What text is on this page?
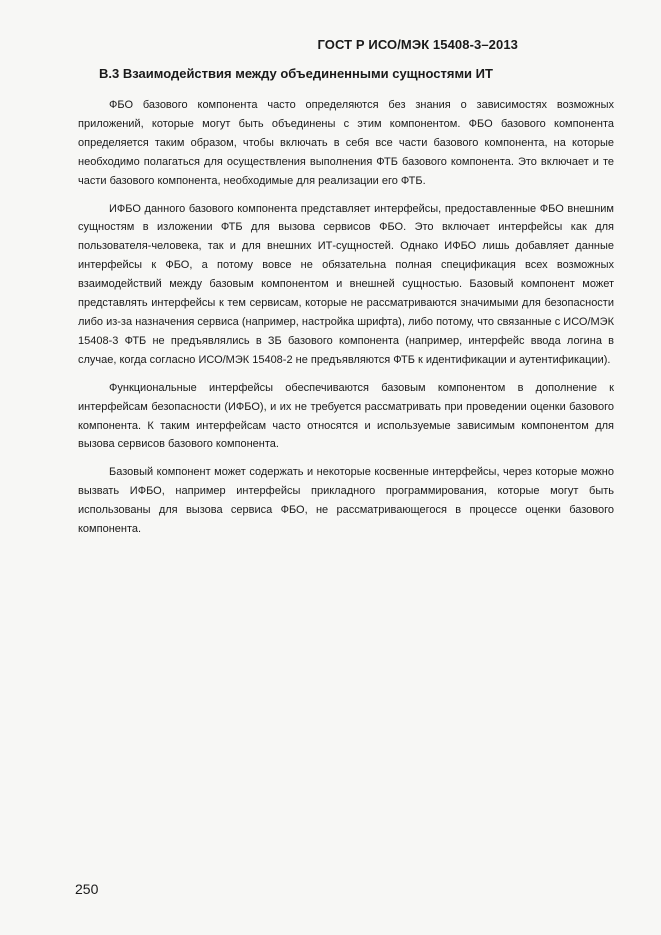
ГОСТ Р ИСО/МЭК 15408-3–2013
В.3 Взаимодействия между объединенными сущностями ИТ

ФБО базового компонента часто определяются без знания о зависимостях возможных приложений, которые могут быть объединены с этим компонентом. ФБО базового компонента определяется таким образом, чтобы включать в себя все части базового компонента, на которые необходимо полагаться для осуществления выполнения ФТБ базового компонента. Это включает и те части базового компонента, необходимые для реализации его ФТБ.

ИФБО данного базового компонента представляет интерфейсы, предоставленные ФБО внешним сущностям в изложении ФТБ для вызова сервисов ФБО. Это включает интерфейсы как для пользователя-человека, так и для внешних ИТ-сущностей. Однако ИФБО лишь добавляет данные интерфейсы к ФБО, а потому вовсе не обязательна полная спецификация всех возможных взаимодействий между базовым компонентом и внешней сущностью. Базовый компонент может представлять интерфейсы к тем сервисам, которые не рассматриваются значимыми для безопасности либо из-за назначения сервиса (например, настройка шрифта), либо потому, что связанные с ИСО/МЭК 15408-3 ФТБ не предъявлялись в ЗБ базового компонента (например, интерфейс ввода логина в случае, когда согласно ИСО/МЭК 15408-2 не предъявляются ФТБ к идентификации и аутентификации).

Функциональные интерфейсы обеспечиваются базовым компонентом в дополнение к интерфейсам безопасности (ИФБО), и их не требуется рассматривать при проведении оценки базового компонента. К таким интерфейсам часто относятся и используемые зависимым компонентом для вызова сервисов базового компонента.

Базовый компонент может содержать и некоторые косвенные интерфейсы, через которые можно вызвать ИФБО, например интерфейсы прикладного программирования, которые могут быть использованы для вызова сервиса ФБО, не рассматривающегося в процессе оценки базового компонента.

250
